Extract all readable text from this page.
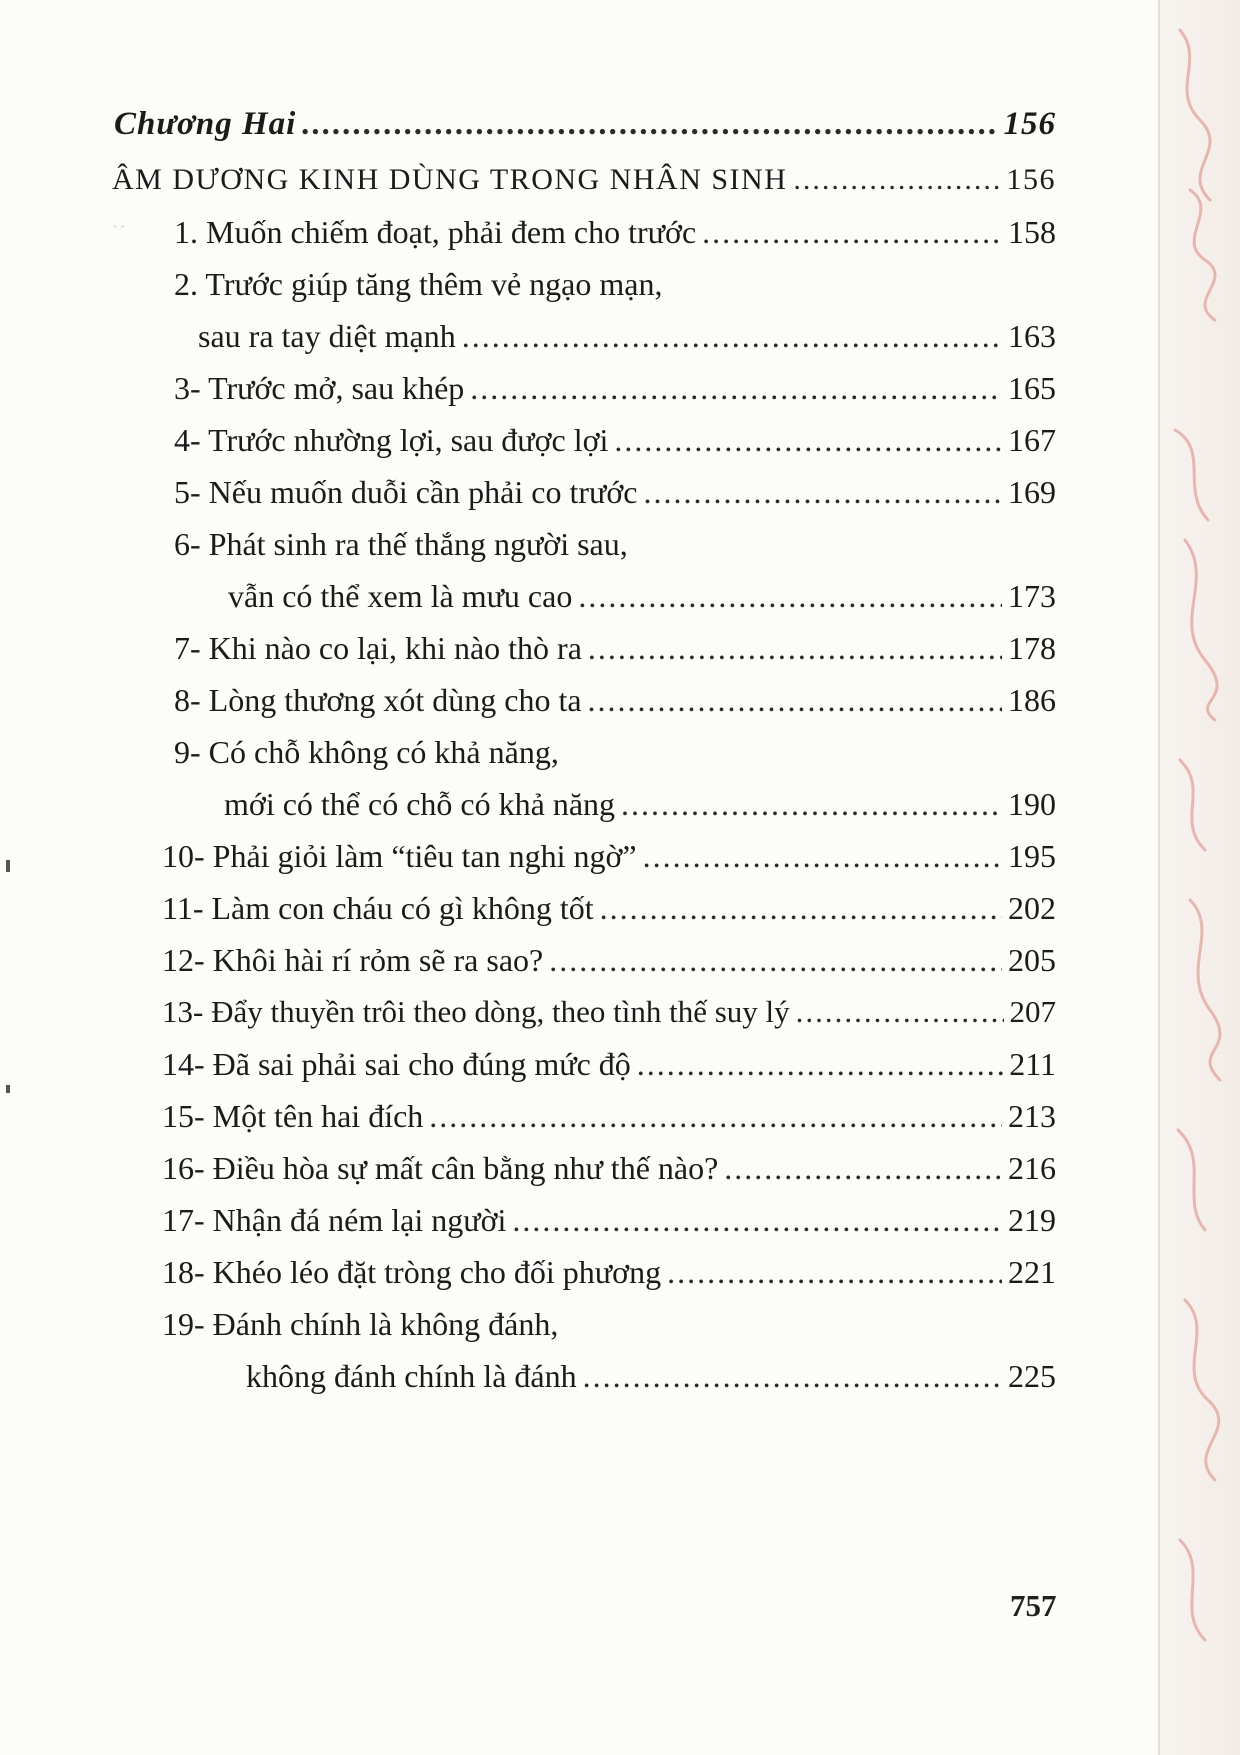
∙∙
Chương Hai .....	156
ÂM DƯƠNG KINH DÙNG TRONG NHÂN SINH .....	156
1. Muốn chiếm đoạt, phải đem cho trước .....	158
2. Trước giúp tăng thêm vẻ ngạo mạn,
sau ra tay diệt mạnh .....	163
3- Trước mở, sau khép .....	165
4- Trước nhường lợi, sau được lợi .....	167
5- Nếu muốn duỗi cần phải co trước .....	169
6- Phát sinh ra thế thắng người sau,
vẫn có thể xem là mưu cao .....	173
7- Khi nào co lại, khi nào thò ra .....	178
8- Lòng thương xót dùng cho ta .....	186
9- Có chỗ không có khả năng,
mới có thể có chỗ có khả năng .....	190
10- Phải giỏi làm “tiêu tan nghi ngờ” .....	195
11- Làm con cháu có gì không tốt .....	202
12- Khôi hài rí rỏm sẽ ra sao? .....	205
13- Đẩy thuyền trôi theo dòng, theo tình thế suy lý .....	207
14- Đã sai phải sai cho đúng mức độ .....	211
15- Một tên hai đích .....	213
16- Điều hòa sự mất cân bằng như thế nào? .....	216
17- Nhận đá ném lại người .....	219
18- Khéo léo đặt tròng cho đối phương .....	221
19- Đánh chính là không đánh,
không đánh chính là đánh .....	225
757
